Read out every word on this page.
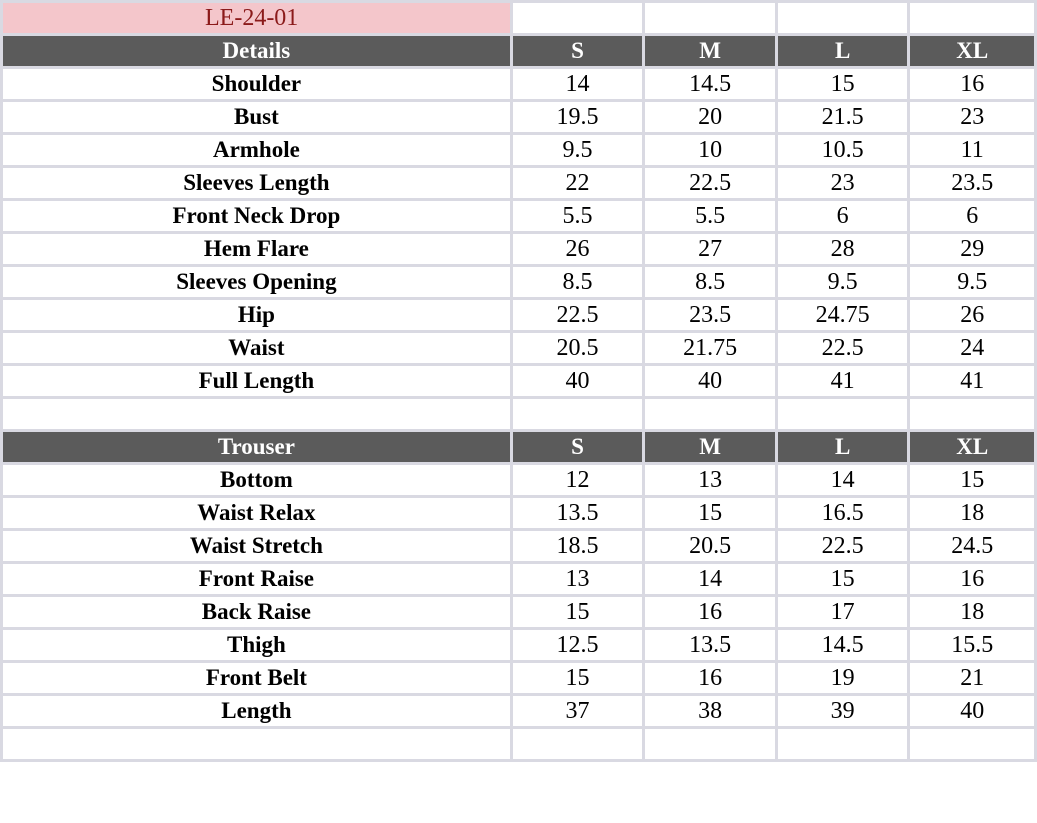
LE-24-01				
Details	S	M	L	XL
Shoulder	14	14.5	15	16
Bust	19.5	20	21.5	23
Armhole	9.5	10	10.5	11
Sleeves Length	22	22.5	23	23.5
Front Neck Drop	5.5	5.5	6	6
Hem Flare	26	27	28	29
Sleeves Opening	8.5	8.5	9.5	9.5
Hip	22.5	23.5	24.75	26
Waist	20.5	21.75	22.5	24
Full Length	40	40	41	41

Trouser	S	M	L	XL
Bottom	12	13	14	15
Waist Relax	13.5	15	16.5	18
Waist Stretch	18.5	20.5	22.5	24.5
Front Raise	13	14	15	16
Back Raise	15	16	17	18
Thigh	12.5	13.5	14.5	15.5
Front Belt	15	16	19	21
Length	37	38	39	40
